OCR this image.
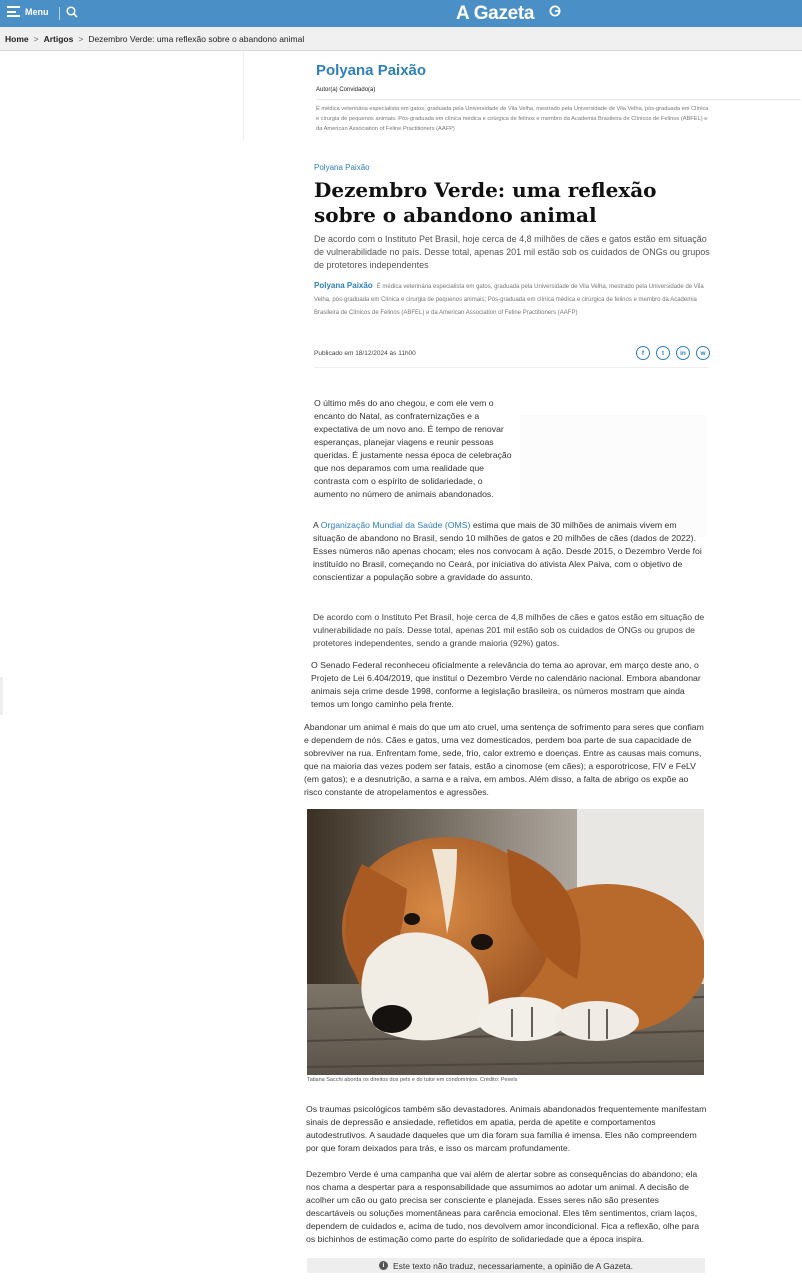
Menu	A Gazeta
Home > Artigos > Dezembro Verde: uma reflexão sobre o abandono animal
Polyana Paixão
Autor(a) Convidado(a)
É médica veterinária especialista em gatos, graduada pela Universidade de Vila Velha, mestrado pela Universidade de Vila Velha, pós-graduada em Clínica e cirurgia de pequenos animais. Pós-graduada em clínica médica e cirúrgica de felinos e membro da Academia Brasileira de Clínicos de Felinos (ABFEL) e da American Association of Feline Practitioners (AAFP)
Polyana Paixão
Dezembro Verde: uma reflexão sobre o abandono animal
De acordo com o Instituto Pet Brasil, hoje cerca de 4,8 milhões de cães e gatos estão em situação de vulnerabilidade no país. Desse total, apenas 201 mil estão sob os cuidados de ONGs ou grupos de protetores independentes
Polyana Paixão É médica veterinária especialista em gatos, graduada pela Universidade de Vila Velha, mestrado pela Universidade de Vila Velha, pós-graduada em Clínica e cirurgia de pequenos animais; Pós-graduada em clínica médica e cirúrgica de felinos e membro da Academia Brasileira de Clínicos de Felinos (ABFEL) e da American Association of Feline Practitioners (AAFP)
Publicado em 18/12/2024 às 11h00	f	t	in	w
O último mês do ano chegou, e com ele vem o encanto do Natal, as confraternizações e a expectativa de um novo ano. É tempo de renovar esperanças, planejar viagens e reunir pessoas queridas. É justamente nessa época de celebração que nos deparamos com uma realidade que contrasta com o espírito de solidariedade, o aumento no número de animais abandonados.
A Organização Mundial da Saúde (OMS) estima que mais de 30 milhões de animais vivem em situação de abandono no Brasil, sendo 10 milhões de gatos e 20 milhões de cães (dados de 2022). Esses números não apenas chocam; eles nos convocam à ação. Desde 2015, o Dezembro Verde foi instituído no Brasil, começando no Ceará, por iniciativa do ativista Alex Paiva, com o objetivo de conscientizar a população sobre a gravidade do assunto.
De acordo com o Instituto Pet Brasil, hoje cerca de 4,8 milhões de cães e gatos estão em situação de vulnerabilidade no país. Desse total, apenas 201 mil estão sob os cuidados de ONGs ou grupos de protetores independentes, sendo a grande maioria (92%) gatos.
O Senado Federal reconheceu oficialmente a relevância do tema ao aprovar, em março deste ano, o Projeto de Lei 6.404/2019, que instituí o Dezembro Verde no calendário nacional. Embora abandonar animais seja crime desde 1998, conforme a legislação brasileira, os números mostram que ainda temos um longo caminho pela frente.
Abandonar um animal é mais do que um ato cruel, uma sentença de sofrimento para seres que confiam e dependem de nós. Cães e gatos, uma vez domesticados, perdem boa parte de sua capacidade de sobreviver na rua. Enfrentam fome, sede, frio, calor extremo e doenças. Entre as causas mais comuns, que na maioria das vezes podem ser fatais, estão a cinomose (em cães); a esporotricose, FIV e FeLV (em gatos); e a desnutrição, a sarna e a raiva, em ambos. Além disso, a falta de abrigo os expõe ao risco constante de atropelamentos e agressões.
Tatiana Sacchi aborda os direitos dos pets e do tutor em condomínios. Crédito: Pexels
Os traumas psicológicos também são devastadores. Animais abandonados frequentemente manifestam sinais de depressão e ansiedade, refletidos em apatia, perda de apetite e comportamentos autodestrutivos. A saudade daqueles que um dia foram sua família é imensa. Eles não compreendem por que foram deixados para trás, e isso os marcam profundamente.
Dezembro Verde é uma campanha que vai além de alertar sobre as consequências do abandono; ela nos chama a despertar para a responsabilidade que assumimos ao adotar um animal. A decisão de acolher um cão ou gato precisa ser consciente e planejada. Esses seres não são presentes descartáveis ou soluções momentâneas para carência emocional. Eles têm sentimentos, criam laços, dependem de cuidados e, acima de tudo, nos devolvem amor incondicional. Fica a reflexão, olhe para os bichinhos de estimação como parte do espírito de solidariedade que a época inspira.
i	Este texto não traduz, necessariamente, a opinião de A Gazeta.
